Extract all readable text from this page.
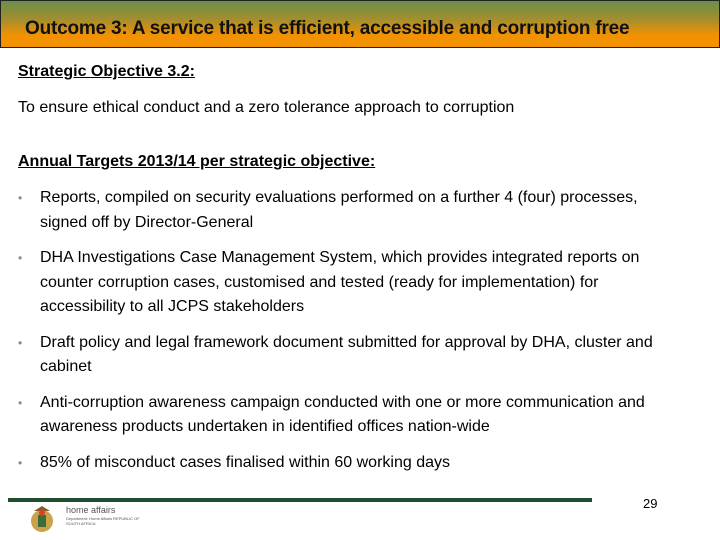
Outcome 3: A service that is efficient, accessible and corruption free
Strategic Objective 3.2:
To ensure ethical conduct and a zero tolerance approach to corruption
Annual Targets 2013/14 per strategic objective:
• Reports, compiled on security evaluations performed on a further 4 (four) processes, signed off by Director-General
• DHA Investigations Case Management System, which provides integrated reports on counter corruption cases, customised and tested (ready for implementation) for accessibility to all JCPS stakeholders
• Draft policy and legal framework document submitted for approval by DHA, cluster and cabinet
• Anti-corruption awareness campaign conducted with one or more communication and awareness products undertaken in identified offices nation-wide
• 85% of misconduct cases finalised within 60 working days
29
home affairs
Department: Home Affairs REPUBLIC OF SOUTH AFRICA
